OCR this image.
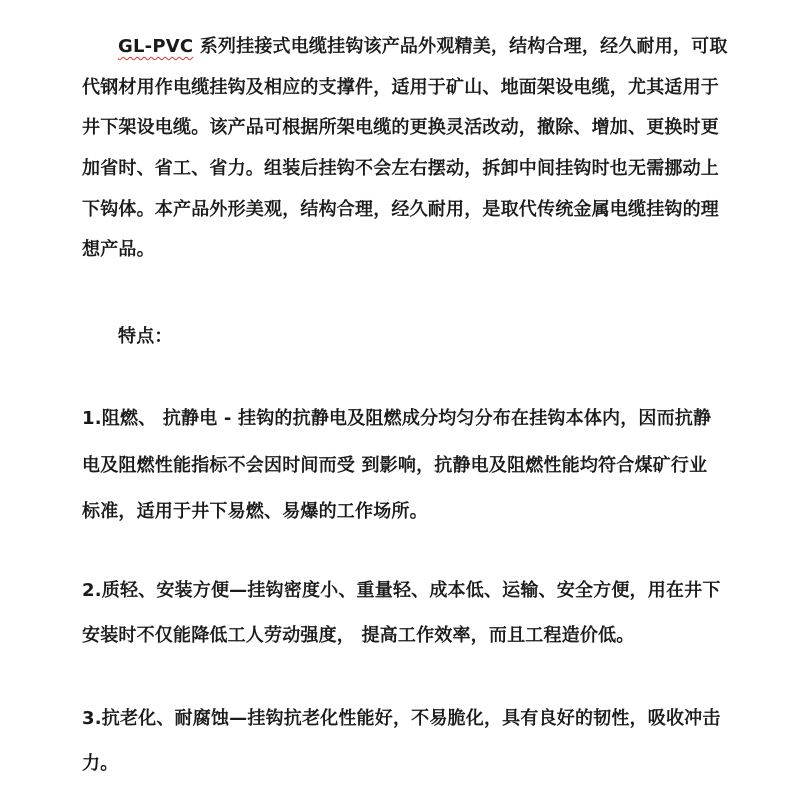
GL-PVC 系列挂接式电缆挂钩该产品外观精美，结构合理，经久耐用，可取
代钢材用作电缆挂钩及相应的支撑件，适用于矿山、地面架设电缆，尤其适用于
井下架设电缆。该产品可根据所架电缆的更换灵活改动，撤除、增加、更换时更
加省时、省工、省力。组装后挂钩不会左右摆动，拆卸中间挂钩时也无需挪动上
下钩体。本产品外形美观，结构合理，经久耐用，是取代传统金属电缆挂钩的理
想产品。
特点：
1.阻燃、 抗静电 - 挂钩的抗静电及阻燃成分均匀分布在挂钩本体内，因而抗静
电及阻燃性能指标不会因时间而受 到影响，抗静电及阻燃性能均符合煤矿行业
标准，适用于井下易燃、易爆的工作场所。
2.质轻、安装方便—挂钩密度小、重量轻、成本低、运输、安全方便，用在井下
安装时不仅能降低工人劳动强度， 提高工作效率，而且工程造价低。
3.抗老化、耐腐蚀—挂钩抗老化性能好，不易脆化，具有良好的韧性，吸收冲击
力。
